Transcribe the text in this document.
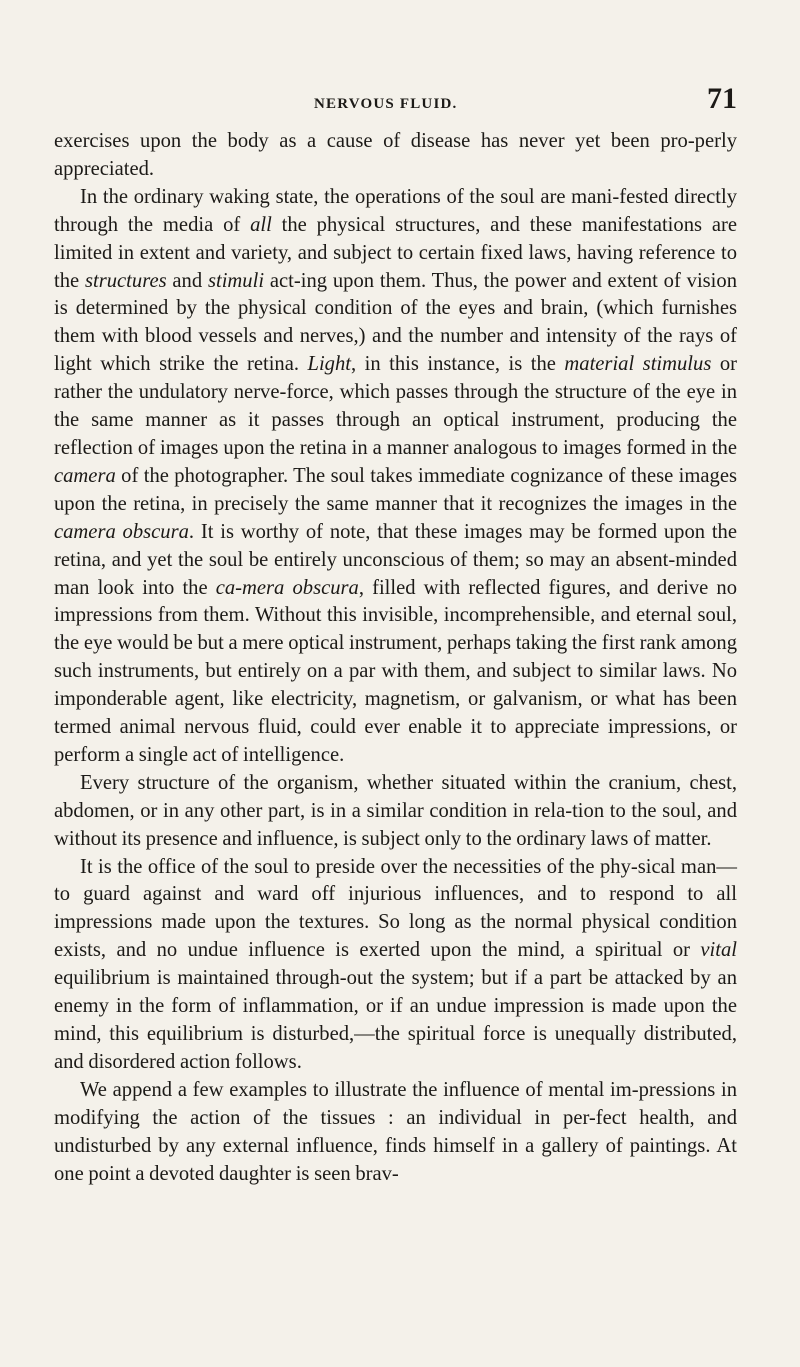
NERVOUS FLUID.	71

exercises upon the body as a cause of disease has never yet been pro-perly appreciated.

In the ordinary waking state, the operations of the soul are mani-fested directly through the media of all the physical structures, and these manifestations are limited in extent and variety, and subject to certain fixed laws, having reference to the structures and stimuli act-ing upon them. Thus, the power and extent of vision is determined by the physical condition of the eyes and brain, (which furnishes them with blood vessels and nerves,) and the number and intensity of the rays of light which strike the retina. Light, in this instance, is the material stimulus or rather the undulatory nerve-force, which passes through the structure of the eye in the same manner as it passes through an optical instrument, producing the reflection of images upon the retina in a manner analogous to images formed in the camera of the photographer. The soul takes immediate cognizance of these images upon the retina, in precisely the same manner that it recognizes the images in the camera obscura. It is worthy of note, that these images may be formed upon the retina, and yet the soul be entirely unconscious of them; so may an absent-minded man look into the ca-mera obscura, filled with reflected figures, and derive no impressions from them. Without this invisible, incomprehensible, and eternal soul, the eye would be but a mere optical instrument, perhaps taking the first rank among such instruments, but entirely on a par with them, and subject to similar laws. No imponderable agent, like electricity, magnetism, or galvanism, or what has been termed animal nervous fluid, could ever enable it to appreciate impressions, or perform a single act of intelligence.

Every structure of the organism, whether situated within the cranium, chest, abdomen, or in any other part, is in a similar condition in rela-tion to the soul, and without its presence and influence, is subject only to the ordinary laws of matter.

It is the office of the soul to preside over the necessities of the phy-sical man—to guard against and ward off injurious influences, and to respond to all impressions made upon the textures. So long as the normal physical condition exists, and no undue influence is exerted upon the mind, a spiritual or vital equilibrium is maintained through-out the system; but if a part be attacked by an enemy in the form of inflammation, or if an undue impression is made upon the mind, this equilibrium is disturbed,—the spiritual force is unequally distributed, and disordered action follows.

We append a few examples to illustrate the influence of mental im-pressions in modifying the action of the tissues : an individual in per-fect health, and undisturbed by any external influence, finds himself in a gallery of paintings. At one point a devoted daughter is seen brav-
